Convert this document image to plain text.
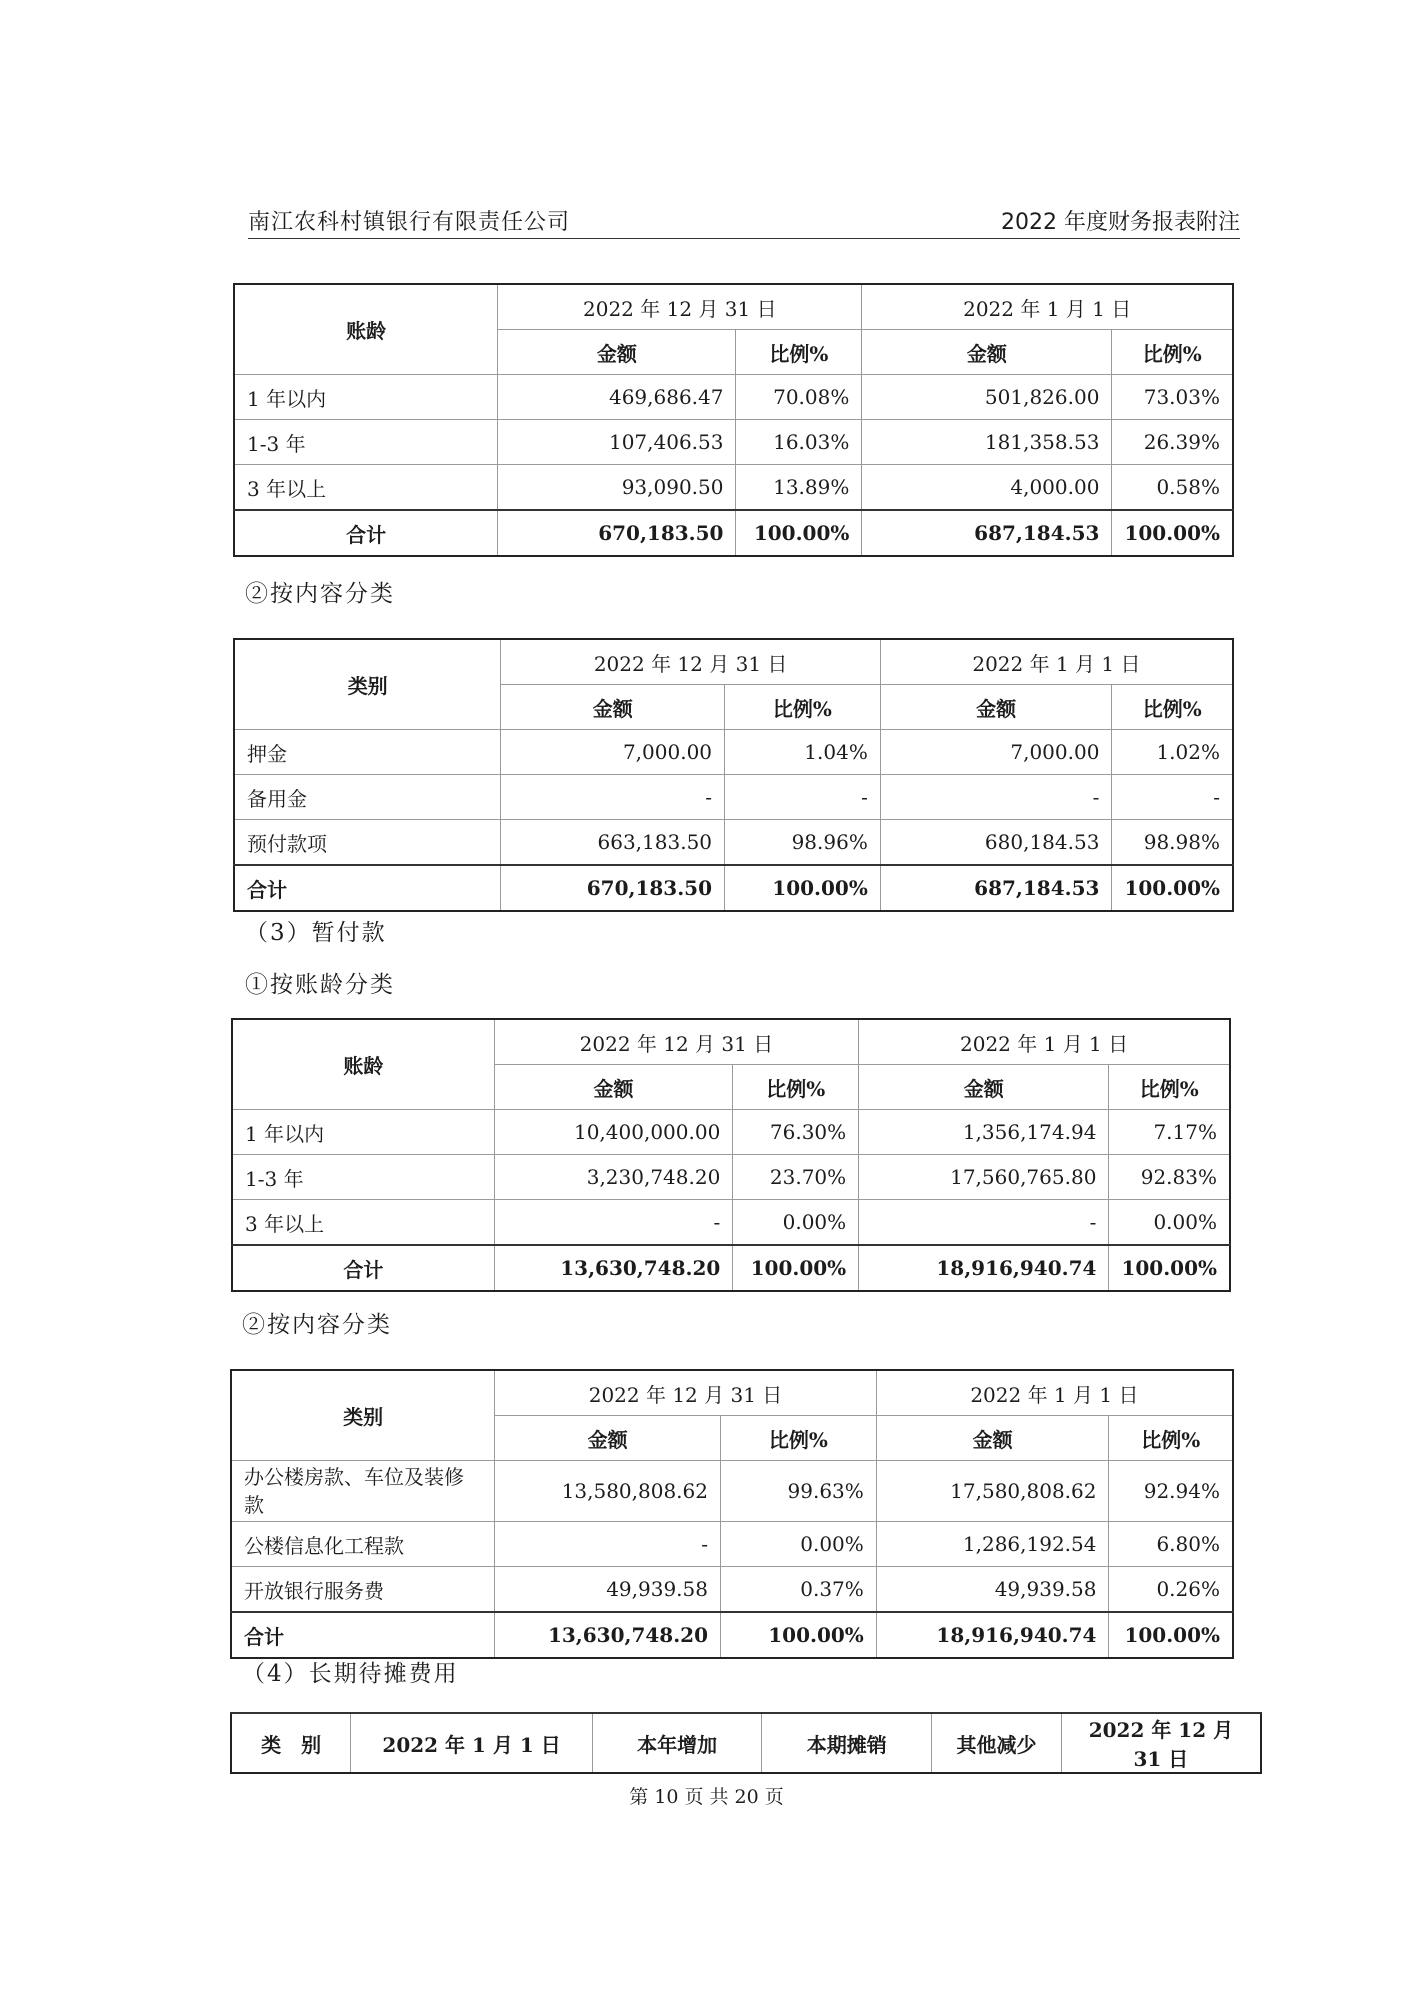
南江农科村镇银行有限责任公司	2022 年度财务报表附注
账龄	2022 年 12 月 31 日		2022 年 1 月 1 日	
	金额	比例%	金额	比例%
1 年以内	469,686.47	70.08%	501,826.00	73.03%
1-3 年	107,406.53	16.03%	181,358.53	26.39%
3 年以上	93,090.50	13.89%	4,000.00	0.58%
合计	670,183.50	100.00%	687,184.53	100.00%
②按内容分类
类别	2022 年 12 月 31 日		2022 年 1 月 1 日	
	金额	比例%	金额	比例%
押金	7,000.00	1.04%	7,000.00	1.02%
备用金	-	-	-	-
预付款项	663,183.50	98.96%	680,184.53	98.98%
合计	670,183.50	100.00%	687,184.53	100.00%
（3）暂付款
①按账龄分类
账龄	2022 年 12 月 31 日		2022 年 1 月 1 日	
	金额	比例%	金额	比例%
1 年以内	10,400,000.00	76.30%	1,356,174.94	7.17%
1-3 年	3,230,748.20	23.70%	17,560,765.80	92.83%
3 年以上	-	0.00%	-	0.00%
合计	13,630,748.20	100.00%	18,916,940.74	100.00%
②按内容分类
类别	2022 年 12 月 31 日		2022 年 1 月 1 日	
	金额	比例%	金额	比例%
办公楼房款、车位及装修款	13,580,808.62	99.63%	17,580,808.62	92.94%
公楼信息化工程款	-	0.00%	1,286,192.54	6.80%
开放银行服务费	49,939.58	0.37%	49,939.58	0.26%
合计	13,630,748.20	100.00%	18,916,940.74	100.00%
（4）长期待摊费用
类　别	2022 年 1 月 1 日	本年增加	本期摊销	其他减少	2022 年 12 月 31 日
第 10 页 共 20 页
